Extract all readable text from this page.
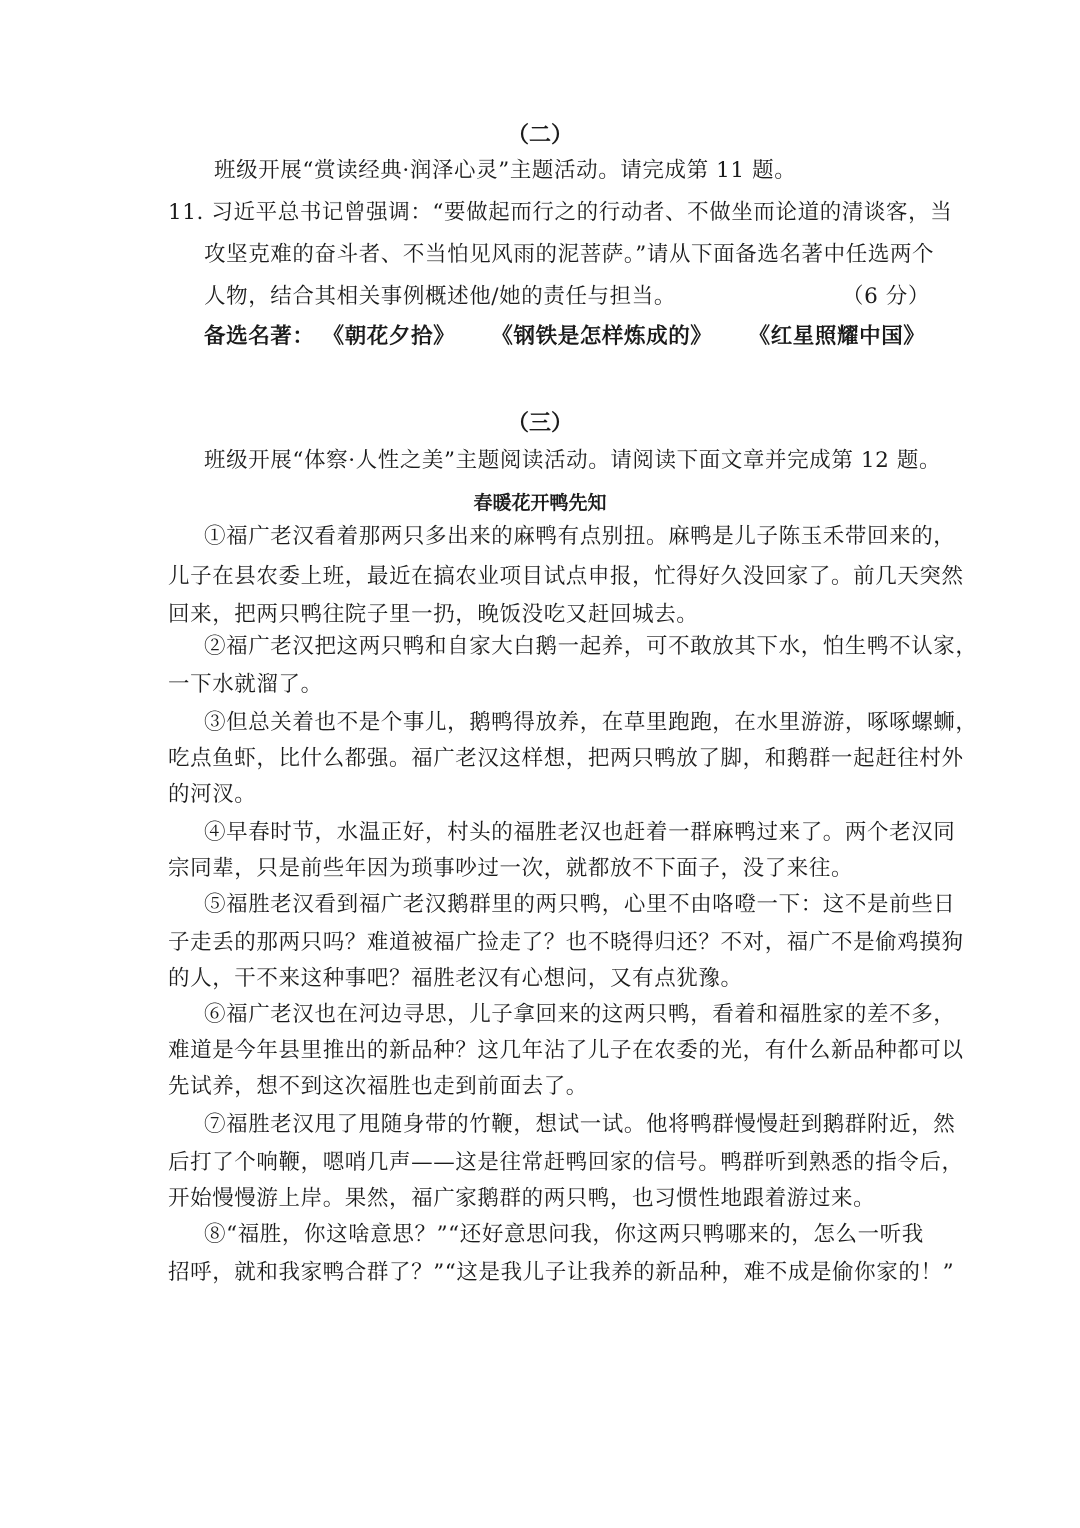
（二）
班级开展“赏读经典·润泽心灵”主题活动。请完成第 11 题。
11. 习近平总书记曾强调：“要做起而行之的行动者、不做坐而论道的清谈客，当
攻坚克难的奋斗者、不当怕见风雨的泥菩萨。”请从下面备选名著中任选两个
人物，结合其相关事例概述他/她的责任与担当。	（6 分）
备选名著： 《朝花夕拾》 《钢铁是怎样炼成的》 《红星照耀中国》
（三）
班级开展“体察·人性之美”主题阅读活动。请阅读下面文章并完成第 12 题。
春暖花开鸭先知
①福广老汉看着那两只多出来的麻鸭有点别扭。麻鸭是儿子陈玉禾带回来的，
儿子在县农委上班，最近在搞农业项目试点申报，忙得好久没回家了。前几天突然
回来，把两只鸭往院子里一扔，晚饭没吃又赶回城去。
②福广老汉把这两只鸭和自家大白鹅一起养，可不敢放其下水，怕生鸭不认家，
一下水就溜了。
③但总关着也不是个事儿，鹅鸭得放养，在草里跑跑，在水里游游，啄啄螺蛳，
吃点鱼虾，比什么都强。福广老汉这样想，把两只鸭放了脚，和鹅群一起赶往村外
的河汊。
④早春时节，水温正好，村头的福胜老汉也赶着一群麻鸭过来了。两个老汉同
宗同辈，只是前些年因为琐事吵过一次，就都放不下面子，没了来往。
⑤福胜老汉看到福广老汉鹅群里的两只鸭，心里不由咯噔一下：这不是前些日
子走丢的那两只吗？难道被福广捡走了？也不晓得归还？不对，福广不是偷鸡摸狗
的人，干不来这种事吧？福胜老汉有心想问，又有点犹豫。
⑥福广老汉也在河边寻思，儿子拿回来的这两只鸭，看着和福胜家的差不多，
难道是今年县里推出的新品种？这几年沾了儿子在农委的光，有什么新品种都可以
先试养，想不到这次福胜也走到前面去了。
⑦福胜老汉甩了甩随身带的竹鞭，想试一试。他将鸭群慢慢赶到鹅群附近，然
后打了个响鞭，嗯哨几声——这是往常赶鸭回家的信号。鸭群听到熟悉的指令后，
开始慢慢游上岸。果然，福广家鹅群的两只鸭，也习惯性地跟着游过来。
⑧“福胜，你这啥意思？”“还好意思问我，你这两只鸭哪来的，怎么一听我
招呼，就和我家鸭合群了？”“这是我儿子让我养的新品种，难不成是偷你家的！”
